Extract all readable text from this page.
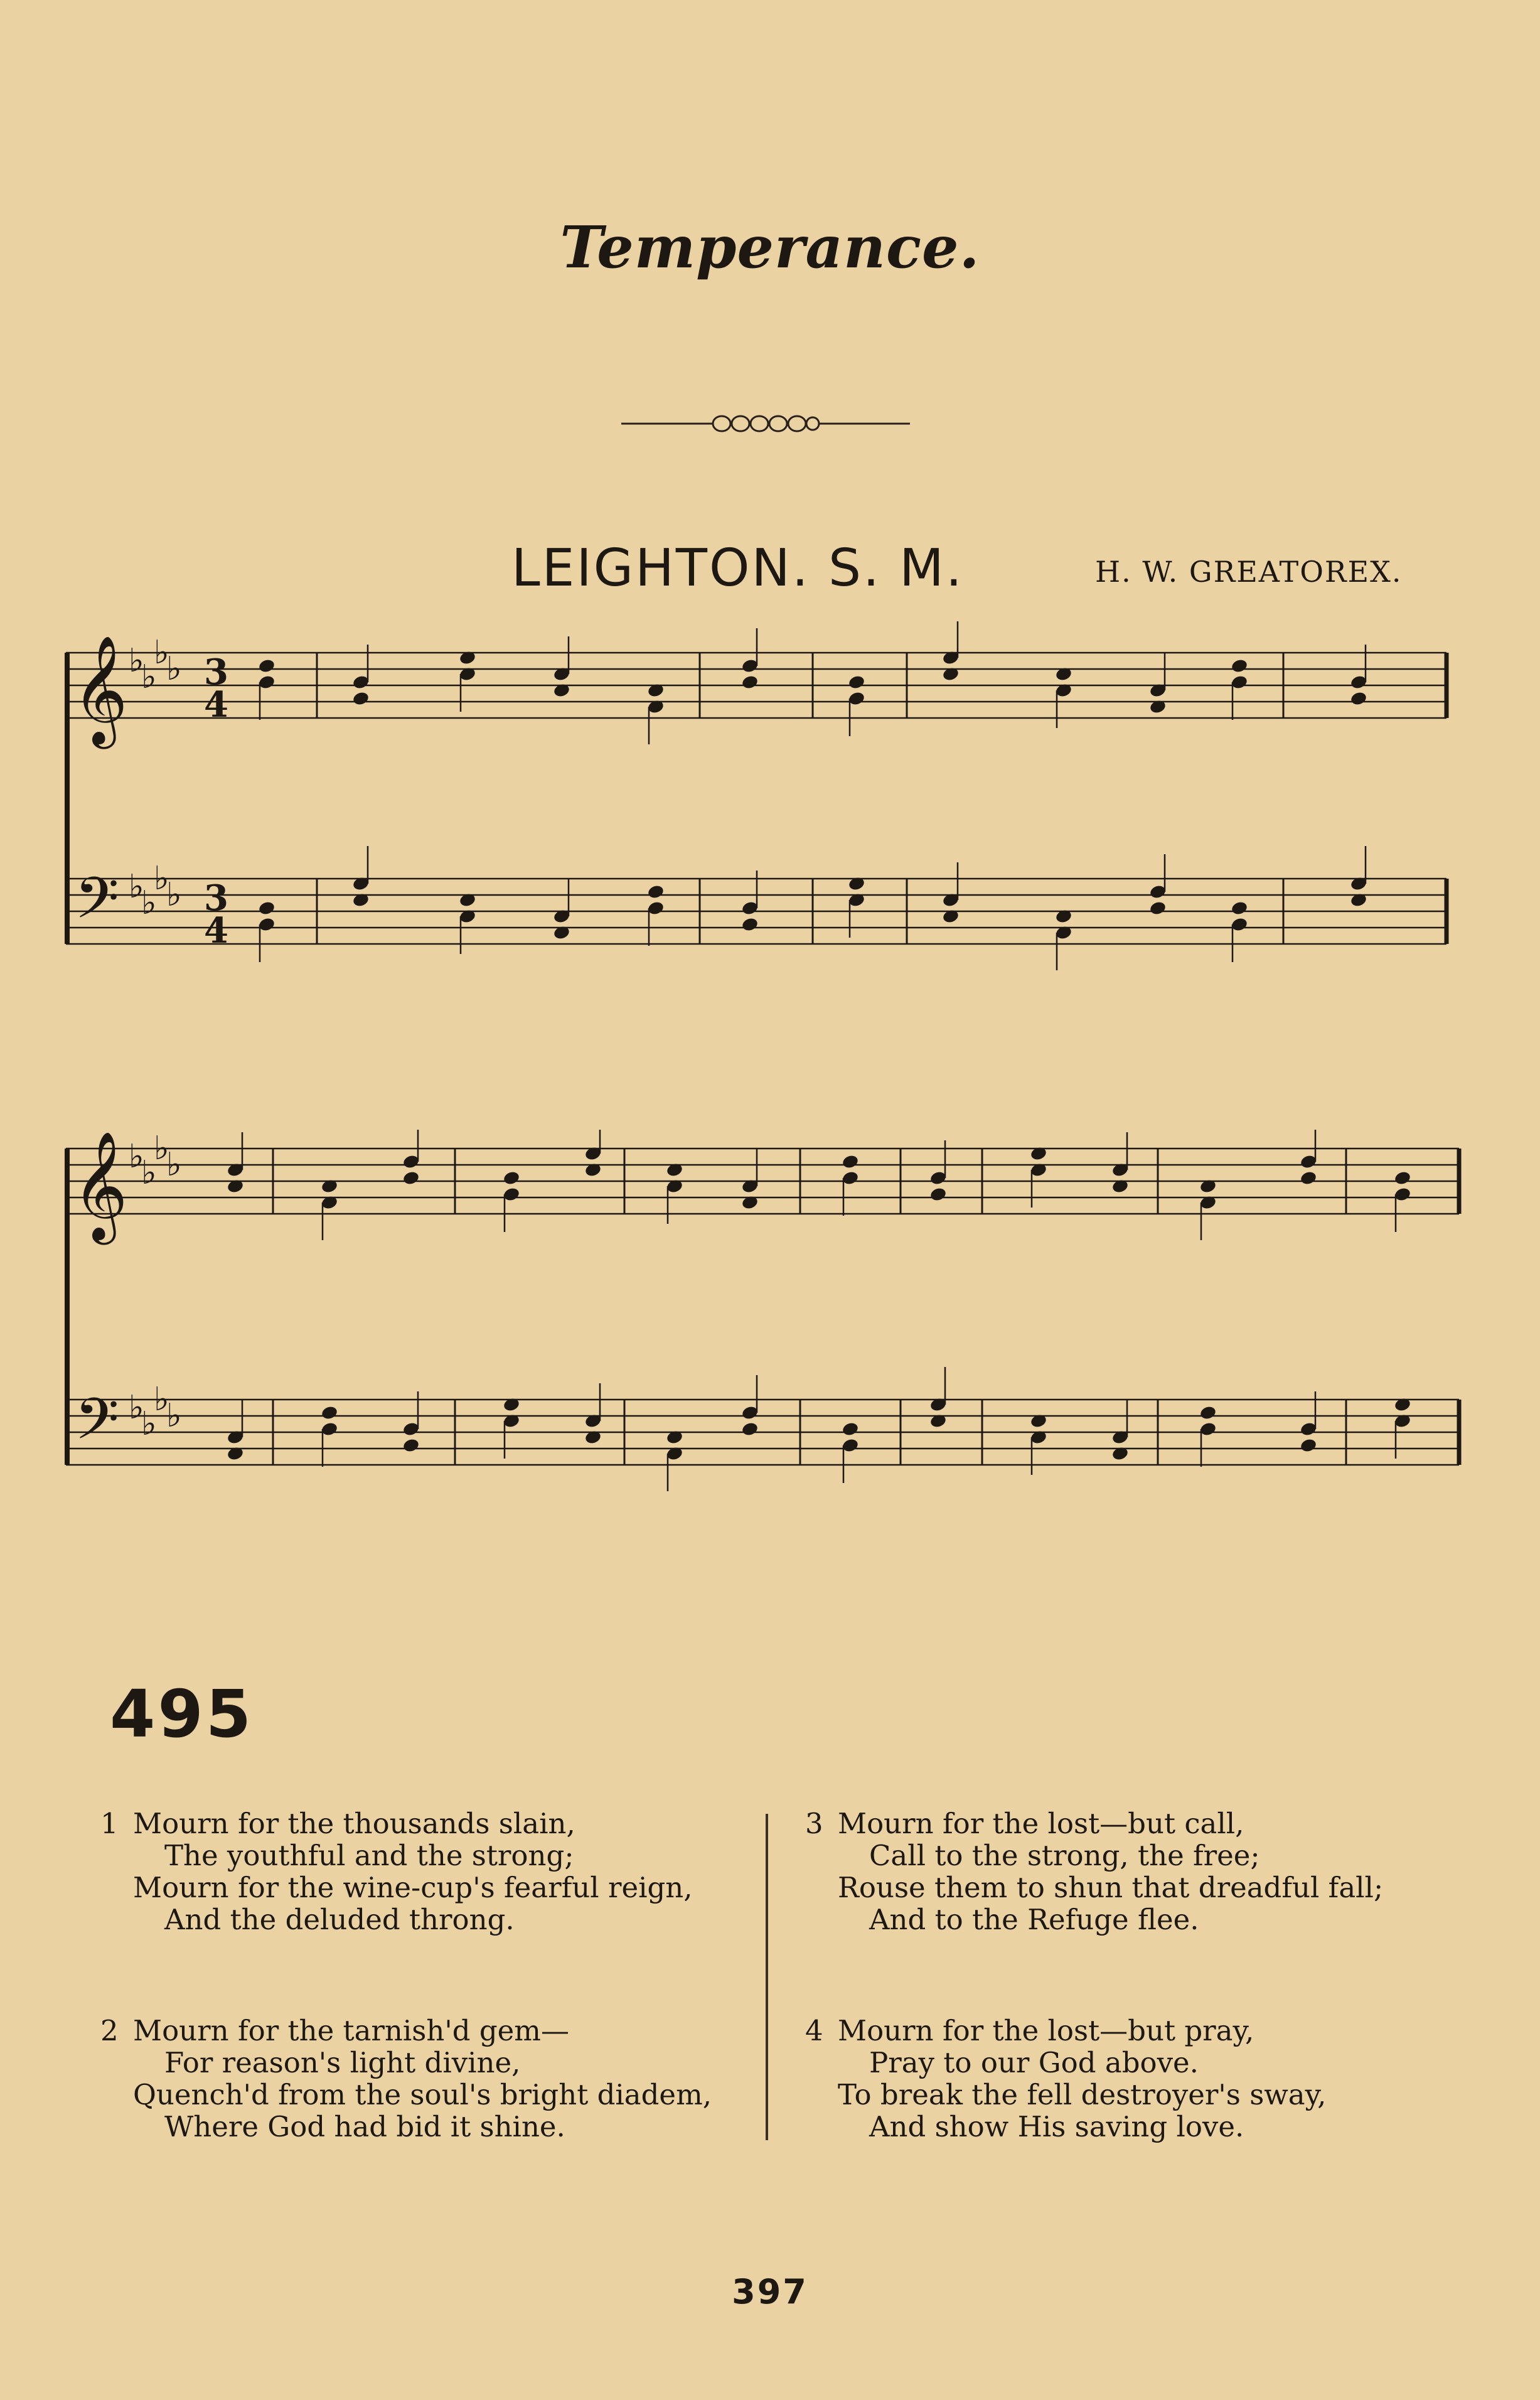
Temperance.
LEIGHTON. S. M.	H. W. GREATOREX.
𝄞
𝄢
♭
♭
♭
♭
♭
♭
♭
♭
3
4
3
4
𝄞
𝄢
♭
♭
♭
♭
♭
♭
♭
♭
495
1 Mourn for the thousands slain,
The youthful and the strong;
Mourn for the wine-cup's fearful reign,
And the deluded throng.
2 Mourn for the tarnish'd gem—
For reason's light divine,
Quench'd from the soul's bright diadem,
Where God had bid it shine.
3 Mourn for the lost—but call,
Call to the strong, the free;
Rouse them to shun that dreadful fall;
And to the Refuge flee.
4 Mourn for the lost—but pray,
Pray to our God above.
To break the fell destroyer's sway,
And show His saving love.
397
